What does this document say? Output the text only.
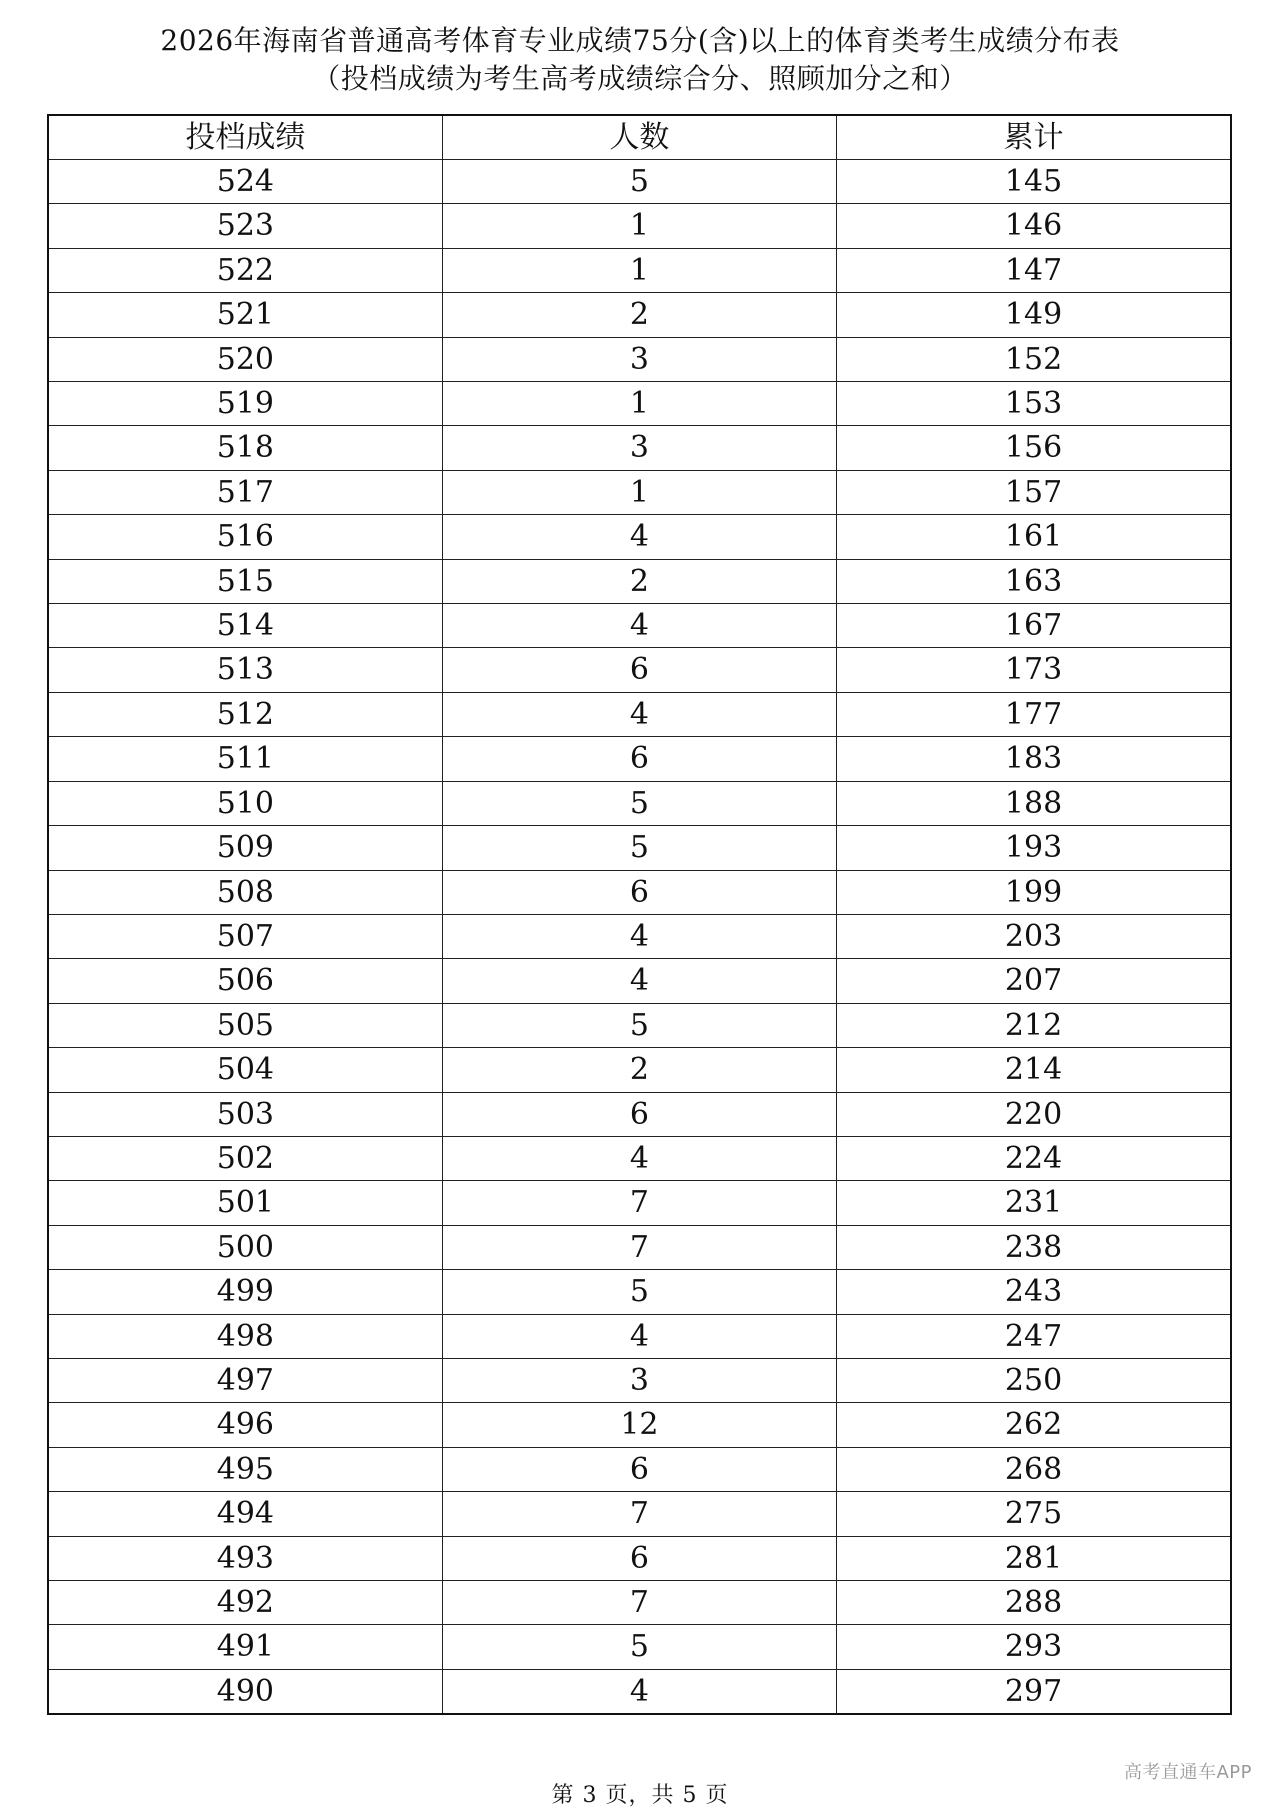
2026年海南省普通高考体育专业成绩75分(含)以上的体育类考生成绩分布表
（投档成绩为考生高考成绩综合分、照顾加分之和）
投档成绩	人数	累计
524	5	145
523	1	146
522	1	147
521	2	149
520	3	152
519	1	153
518	3	156
517	1	157
516	4	161
515	2	163
514	4	167
513	6	173
512	4	177
511	6	183
510	5	188
509	5	193
508	6	199
507	4	203
506	4	207
505	5	212
504	2	214
503	6	220
502	4	224
501	7	231
500	7	238
499	5	243
498	4	247
497	3	250
496	12	262
495	6	268
494	7	275
493	6	281
492	7	288
491	5	293
490	4	297
第 3 页，共 5 页
高考直通车APP
